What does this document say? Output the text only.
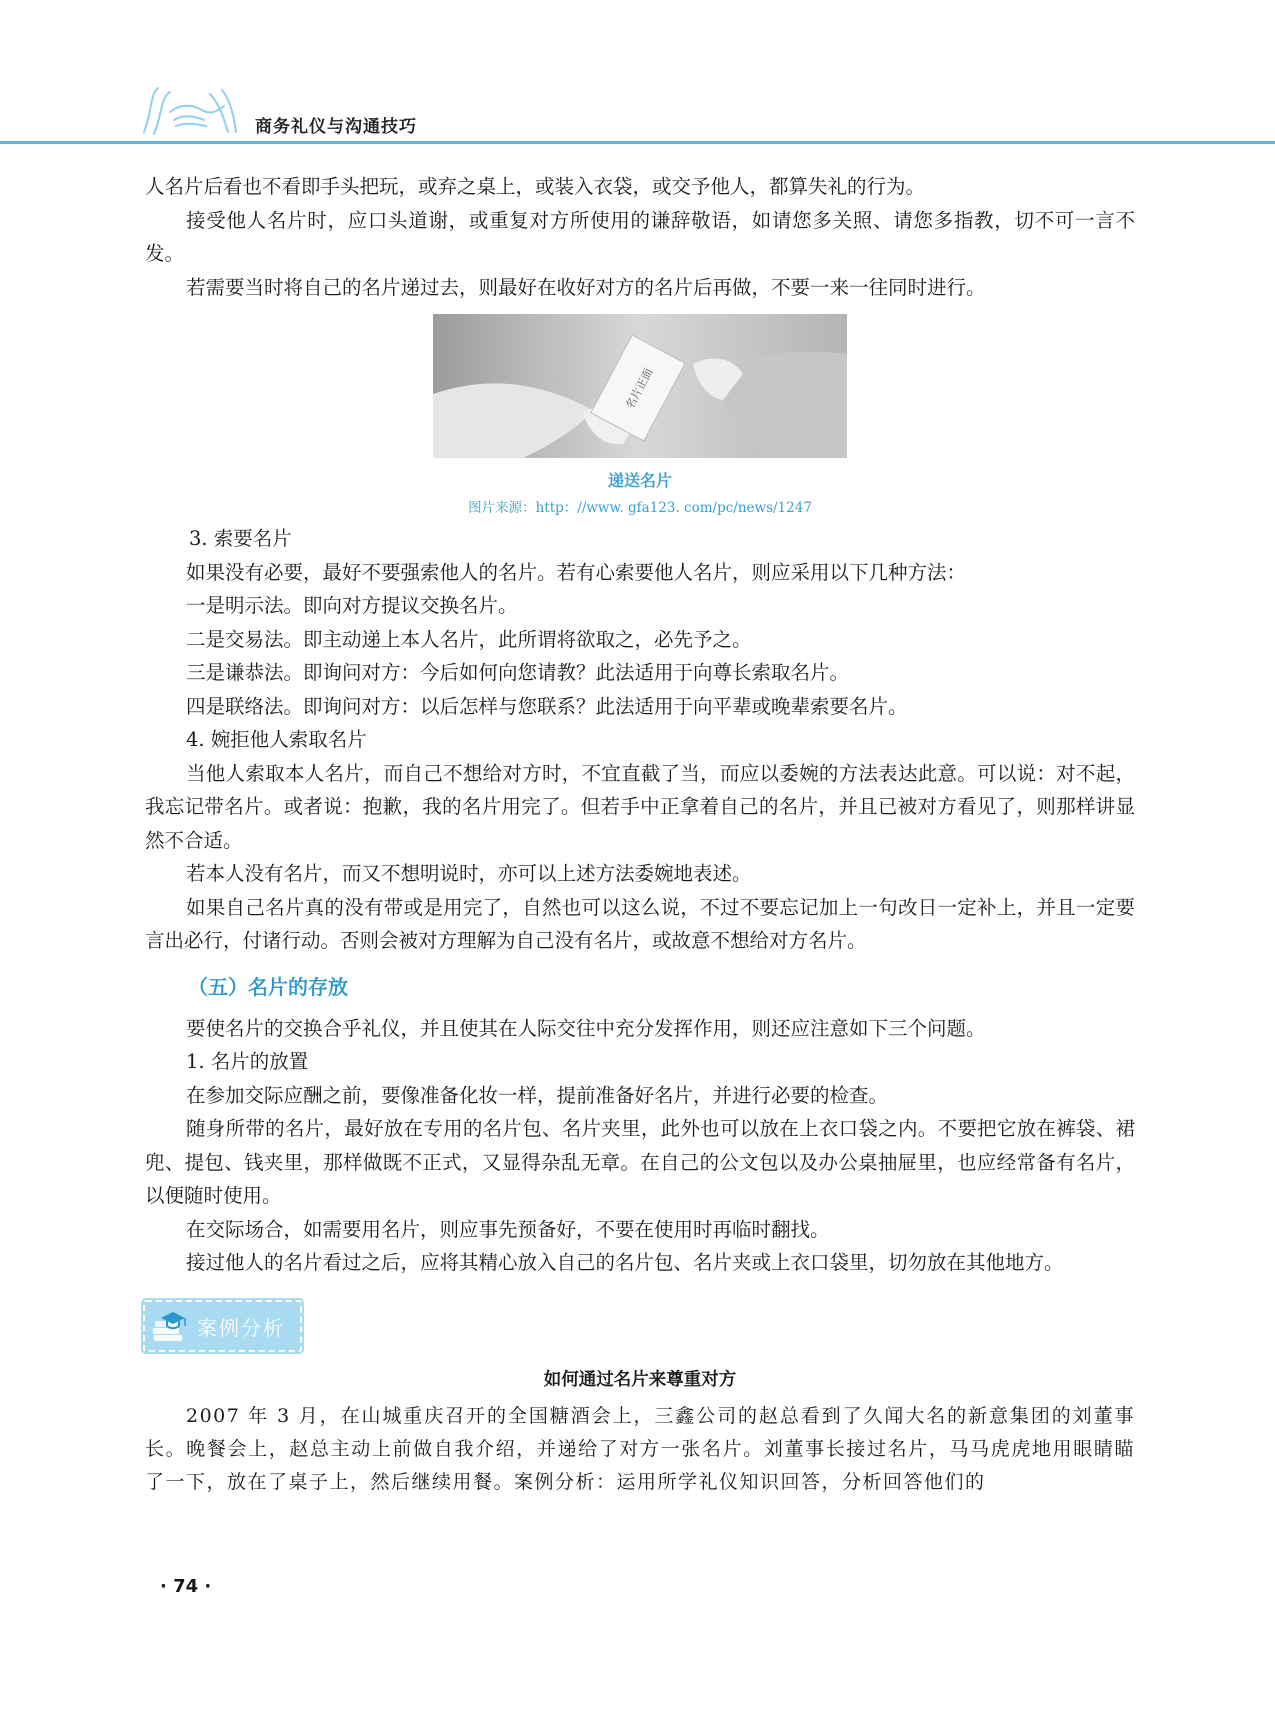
商务礼仪与沟通技巧

人名片后看也不看即手头把玩，或弃之桌上，或装入衣袋，或交予他人，都算失礼的行为。

接受他人名片时，应口头道谢，或重复对方所使用的谦辞敬语，如请您多关照、请您多指教，切不可一言不发。

若需要当时将自己的名片递过去，则最好在收好对方的名片后再做，不要一来一往同时进行。

名片正面
递送名片
图片来源：http：//www. gfa123. com/pc/news/1247

3. 索要名片

如果没有必要，最好不要强索他人的名片。若有心索要他人名片，则应采用以下几种方法：

一是明示法。即向对方提议交换名片。

二是交易法。即主动递上本人名片，此所谓将欲取之，必先予之。

三是谦恭法。即询问对方：今后如何向您请教？此法适用于向尊长索取名片。

四是联络法。即询问对方：以后怎样与您联系？此法适用于向平辈或晚辈索要名片。

4. 婉拒他人索取名片

当他人索取本人名片，而自己不想给对方时，不宜直截了当，而应以委婉的方法表达此意。可以说：对不起，我忘记带名片。或者说：抱歉，我的名片用完了。但若手中正拿着自己的名片，并且已被对方看见了，则那样讲显然不合适。

若本人没有名片，而又不想明说时，亦可以上述方法委婉地表述。

如果自己名片真的没有带或是用完了，自然也可以这么说，不过不要忘记加上一句改日一定补上，并且一定要言出必行，付诸行动。否则会被对方理解为自己没有名片，或故意不想给对方名片。

（五）名片的存放

要使名片的交换合乎礼仪，并且使其在人际交往中充分发挥作用，则还应注意如下三个问题。

1. 名片的放置

在参加交际应酬之前，要像准备化妆一样，提前准备好名片，并进行必要的检查。

随身所带的名片，最好放在专用的名片包、名片夹里，此外也可以放在上衣口袋之内。不要把它放在裤袋、裙兜、提包、钱夹里，那样做既不正式，又显得杂乱无章。在自己的公文包以及办公桌抽屉里，也应经常备有名片，以便随时使用。

在交际场合，如需要用名片，则应事先预备好，不要在使用时再临时翻找。

接过他人的名片看过之后，应将其精心放入自己的名片包、名片夹或上衣口袋里，切勿放在其他地方。

案例分析
如何通过名片来尊重对方

2007 年 3 月，在山城重庆召开的全国糖酒会上，三鑫公司的赵总看到了久闻大名的新意集团的刘董事长。晚餐会上，赵总主动上前做自我介绍，并递给了对方一张名片。刘董事长接过名片，马马虎虎地用眼睛瞄了一下，放在了桌子上，然后继续用餐。案例分析：运用所学礼仪知识回答，分析回答他们的

· 74 ·
